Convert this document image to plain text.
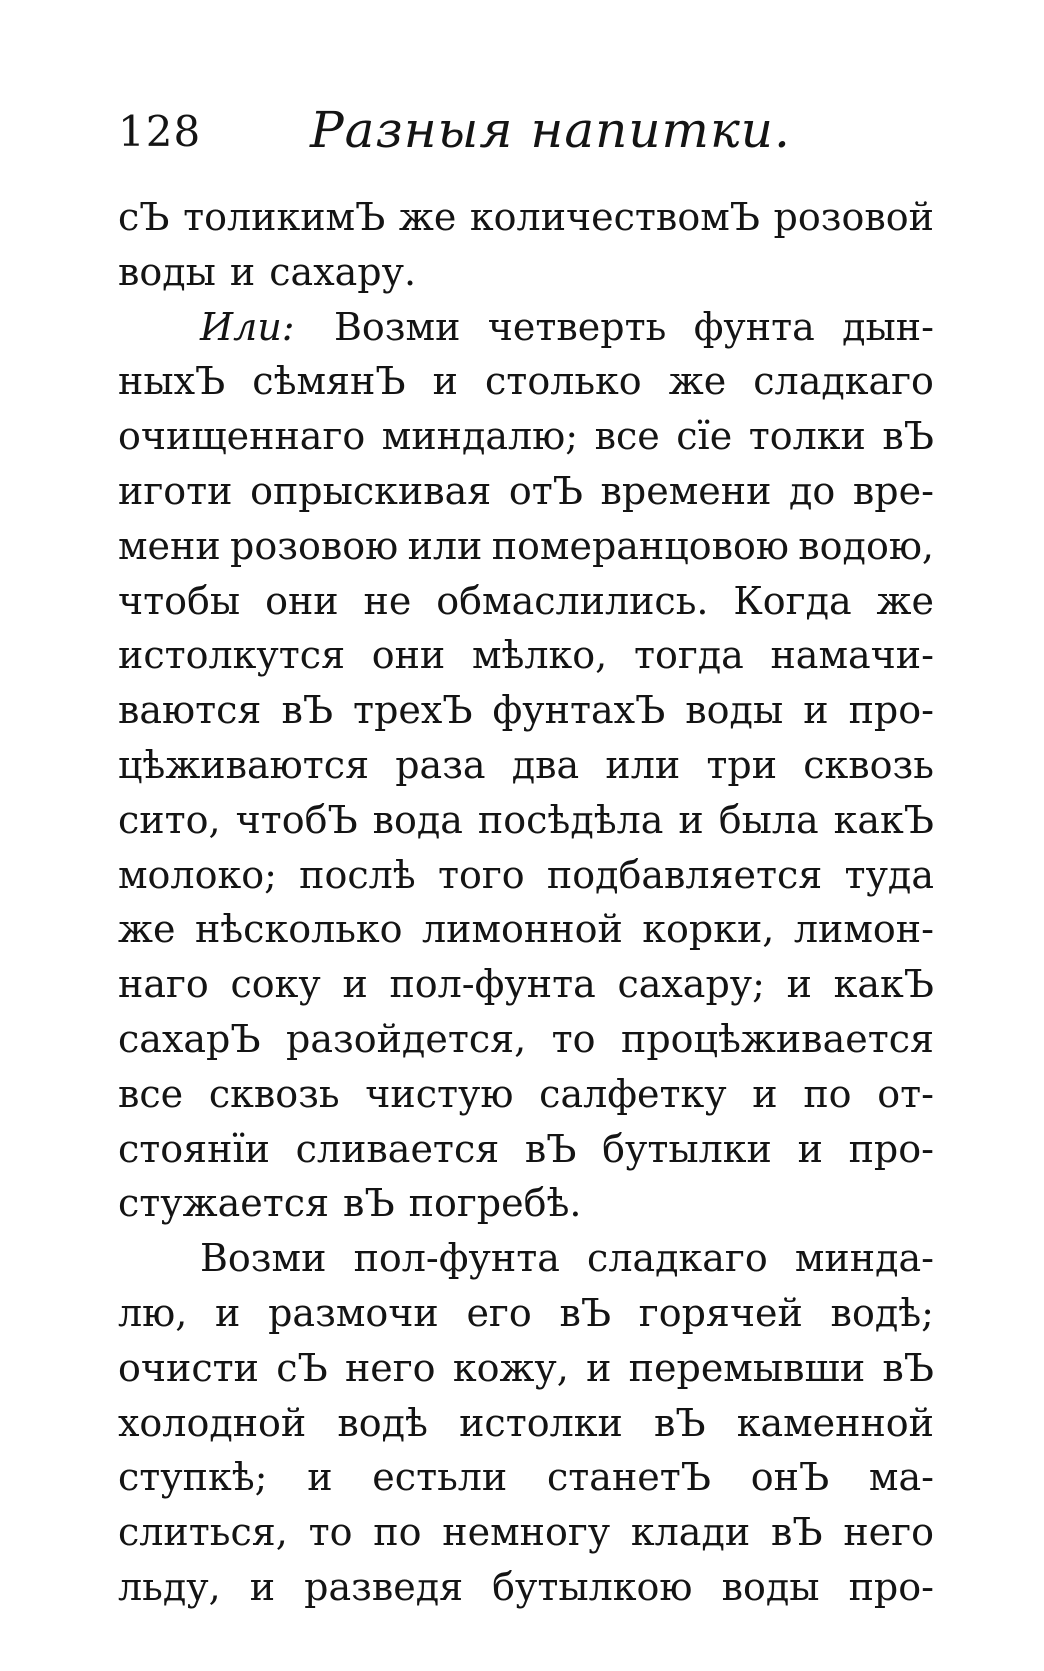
128 Разныя напитки.
сЪ толикимЪ же количествомЪ розовой
воды и сахару.
Или: Возми четверть фунта дын-
ныхЪ сѣмянЪ и столько же сладкаго
очищеннаго миндалю; все сїе толки вЪ
иготи опрыскивая отЪ времени до вре-
мени розовою или померанцовою водою,
чтобы они не обмаслились. Когда же
истолкутся они мѣлко, тогда намачи-
ваются вЪ трехЪ фунтахЪ воды и про-
цѣживаются раза два или три сквозь
сито, чтобЪ вода посѣдѣла и была какЪ
молоко; послѣ того подбавляется туда
же нѣсколько лимонной корки, лимон-
наго соку и пол-фунта сахару; и какЪ
сахарЪ разойдется, то процѣживается
все сквозь чистую салфетку и по от-
стоянїи сливается вЪ бутылки и про-
стужается вЪ погребѣ.
Возми пол-фунта сладкаго минда-
лю, и размочи его вЪ горячей водѣ;
очисти сЪ него кожу, и перемывши вЪ
холодной водѣ истолки вЪ каменной
ступкѣ; и естьли станетЪ онЪ ма-
слиться, то по немногу клади вЪ него
льду, и разведя бутылкою воды про-
